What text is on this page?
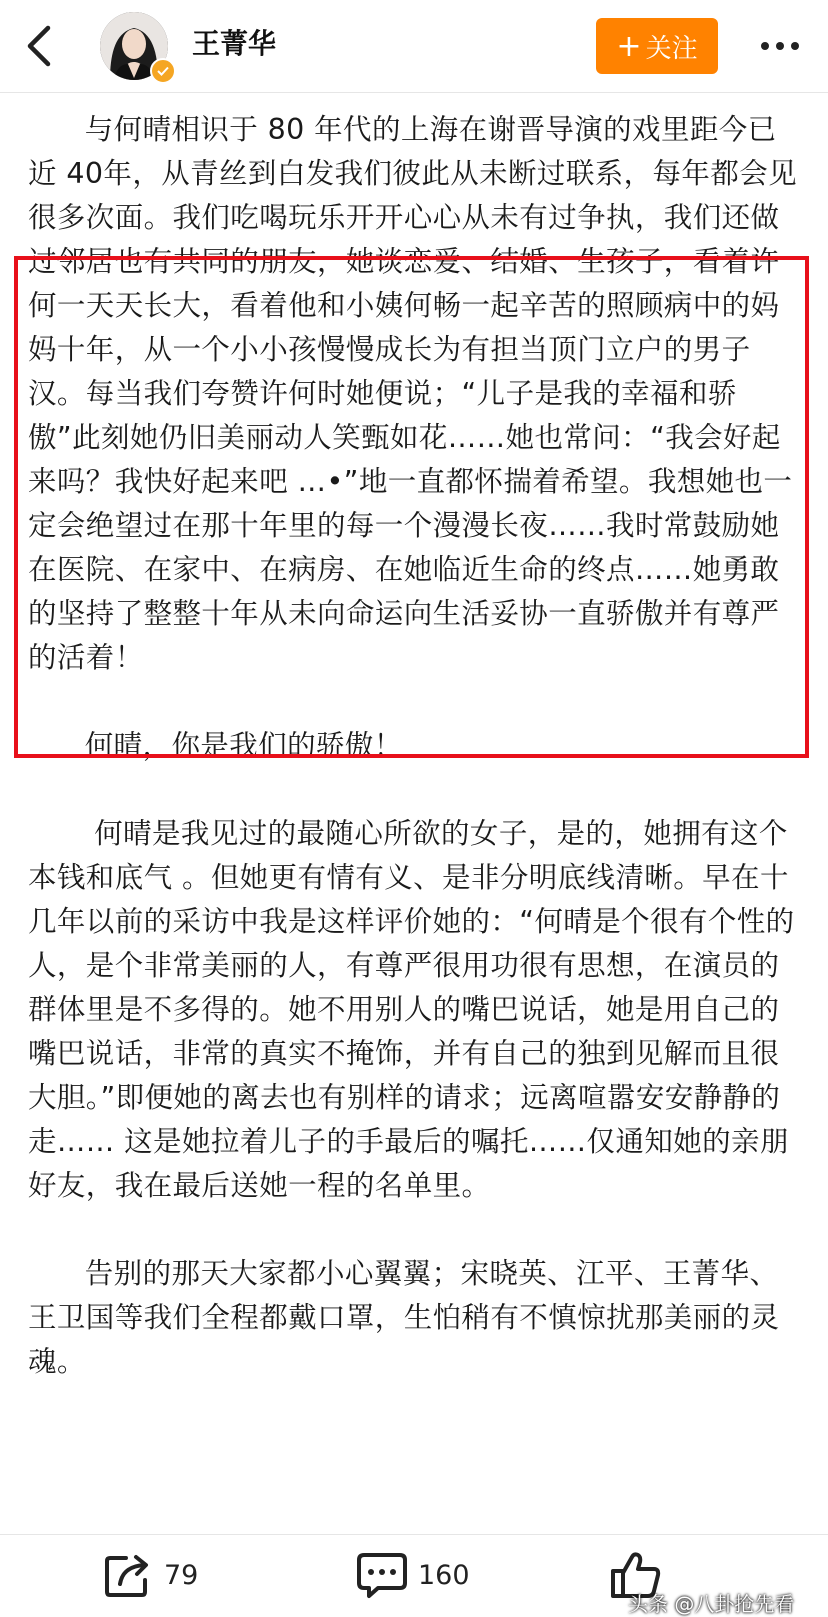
王菁华	+ 关注

与何晴相识于 80 年代的上海在谢晋导演的戏里距今已近 40年，从青丝到白发我们彼此从未断过联系，每年都会见很多次面。我们吃喝玩乐开开心心从未有过争执，我们还做过邻居也有共同的朋友，她谈恋爱、结婚、生孩子，看着许何一天天长大，看着他和小姨何畅一起辛苦的照顾病中的妈妈十年，从一个小小孩慢慢成长为有担当顶门立户的男子汉。每当我们夸赞许何时她便说；“儿子是我的幸福和骄傲”此刻她仍旧美丽动人笑甄如花……她也常问：“我会好起来吗？我快好起来吧 …•”地一直都怀揣着希望。我想她也一定会绝望过在那十年里的每一个漫漫长夜……我时常鼓励她在医院、在家中、在病房、在她临近生命的终点……她勇敢的坚持了整整十年从未向命运向生活妥协一直骄傲并有尊严的活着！

何晴，你是我们的骄傲！

何晴是我见过的最随心所欲的女子，是的，她拥有这个本钱和底气 。但她更有情有义、是非分明底线清晰。早在十几年以前的采访中我是这样评价她的：“何晴是个很有个性的人，是个非常美丽的人，有尊严很用功很有思想，在演员的群体里是不多得的。她不用别人的嘴巴说话，她是用自己的嘴巴说话，非常的真实不掩饰，并有自己的独到见解而且很大胆。”即便她的离去也有别样的请求；远离喧嚣安安静静的走…… 这是她拉着儿子的手最后的嘱托……仅通知她的亲朋好友，我在最后送她一程的名单里。

告别的那天大家都小心翼翼；宋晓英、江平、王菁华、王卫国等我们全程都戴口罩，生怕稍有不慎惊扰那美丽的灵魂。

79	160
头条 @八卦抢先看
